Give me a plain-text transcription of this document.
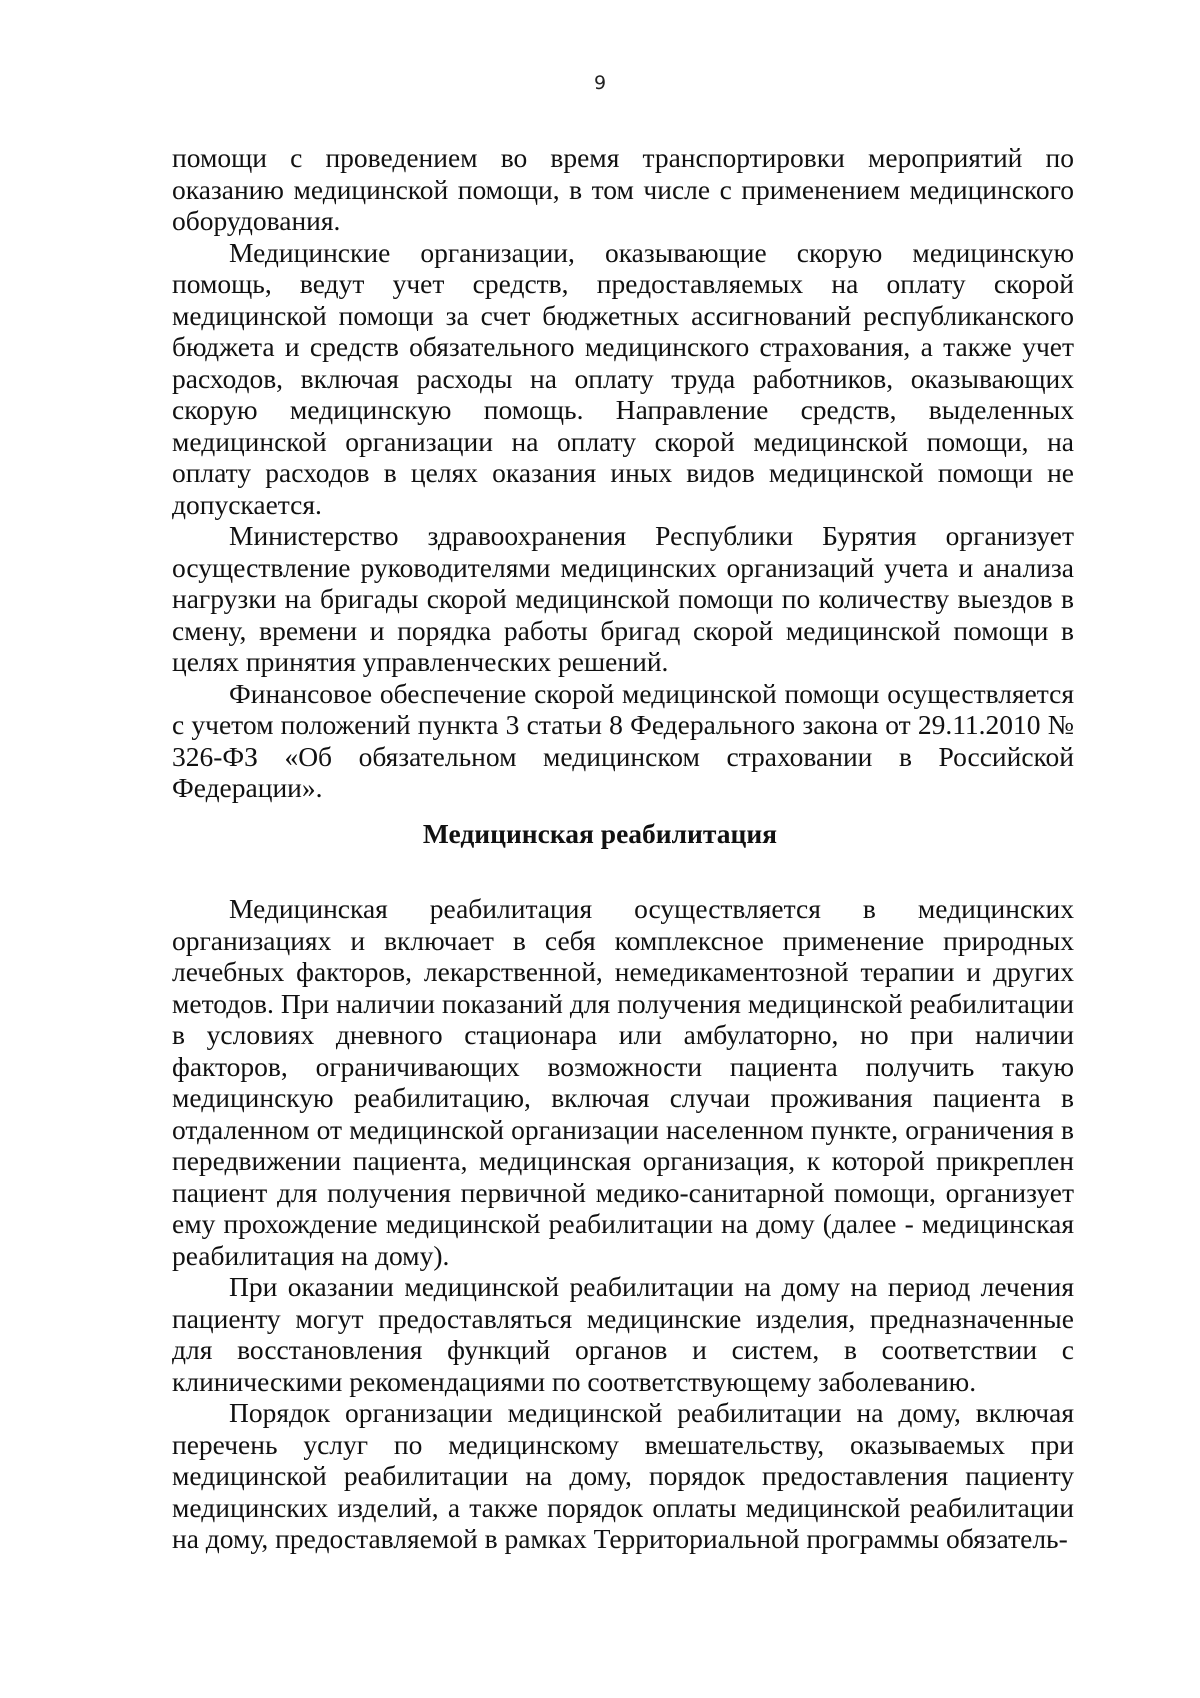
9

помощи с проведением во время транспортировки мероприятий по оказанию медицинской помощи, в том числе с применением медицинского оборудования.

Медицинские организации, оказывающие скорую медицинскую помощь, ведут учет средств, предоставляемых на оплату скорой медицинской помощи за счет бюджетных ассигнований республиканского бюджета и средств обязательного медицинского страхования, а также учет расходов, включая расходы на оплату труда работников, оказывающих скорую медицинскую помощь. Направление средств, выделенных медицинской организации на оплату скорой медицинской помощи, на оплату расходов в целях оказания иных видов медицинской помощи не допускается.

Министерство здравоохранения Республики Бурятия организует осуществление руководителями медицинских организаций учета и анализа нагрузки на бригады скорой медицинской помощи по количеству выездов в смену, времени и порядка работы бригад скорой медицинской помощи в целях принятия управленческих решений.

Финансовое обеспечение скорой медицинской помощи осуществляется с учетом положений пункта 3 статьи 8 Федерального закона от 29.11.2010 № 326-ФЗ «Об обязательном медицинском страховании в Российской Федерации».

Медицинская реабилитация

Медицинская реабилитация осуществляется в медицинских организациях и включает в себя комплексное применение природных лечебных факторов, лекарственной, немедикаментозной терапии и других методов. При наличии показаний для получения медицинской реабилитации в условиях дневного стационара или амбулаторно, но при наличии факторов, ограничивающих возможности пациента получить такую медицинскую реабилитацию, включая случаи проживания пациента в отдаленном от медицинской организации населенном пункте, ограничения в передвижении пациента, медицинская организация, к которой прикреплен пациент для получения первичной медико-санитарной помощи, организует ему прохождение медицинской реабилитации на дому (далее - медицинская реабилитация на дому).

При оказании медицинской реабилитации на дому на период лечения пациенту могут предоставляться медицинские изделия, предназначенные для восстановления функций органов и систем, в соответствии с клиническими рекомендациями по соответствующему заболеванию.

Порядок организации медицинской реабилитации на дому, включая перечень услуг по медицинскому вмешательству, оказываемых при медицинской реабилитации на дому, порядок предоставления пациенту медицинских изделий, а также порядок оплаты медицинской реабилитации на дому, предоставляемой в рамках Территориальной программы обязатель-
